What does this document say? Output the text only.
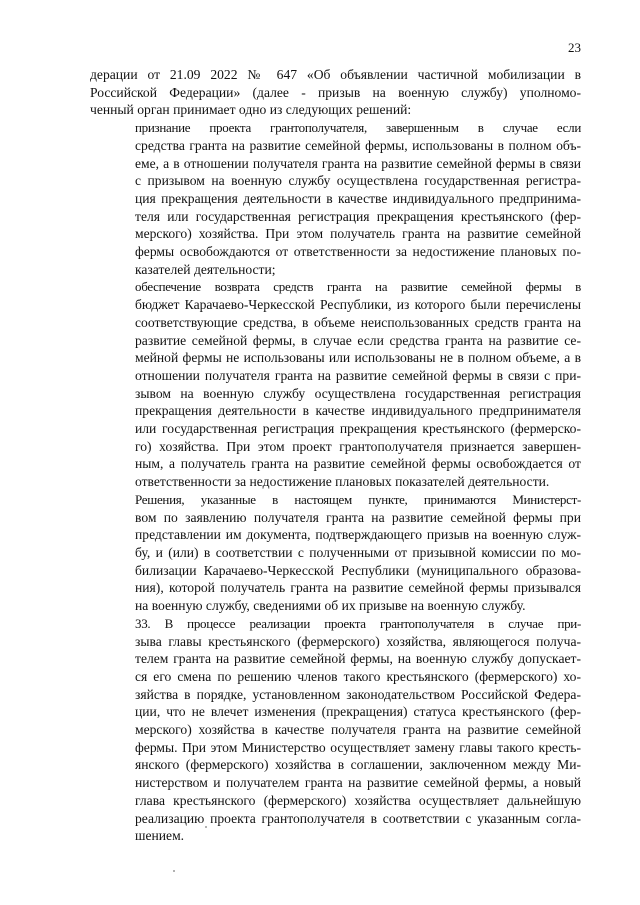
23

дерации от 21.09 2022 № 647 «Об объявлении частичной мобилизации в
Российской Федерации» (далее - призыв на военную службу) уполномо-
ченный орган принимает одно из следующих решений:

признание проекта грантополучателя, завершенным в случае если
средства гранта на развитие семейной фермы, использованы в полном объ-
еме, а в отношении получателя гранта на развитие семейной фермы в связи
с призывом на военную службу осуществлена государственная регистра-
ция прекращения деятельности в качестве индивидуального предпринима-
теля или государственная регистрация прекращения крестьянского (фер-
мерского) хозяйства. При этом получатель гранта на развитие семейной
фермы освобождаются от ответственности за недостижение плановых по-
казателей деятельности;

обеспечение возврата средств гранта на развитие семейной фермы в
бюджет Карачаево-Черкесской Республики, из которого были перечислены
соответствующие средства, в объеме неиспользованных средств гранта на
развитие семейной фермы, в случае если средства гранта на развитие се-
мейной фермы не использованы или использованы не в полном объеме, а в
отношении получателя гранта на развитие семейной фермы в связи с при-
зывом на военную службу осуществлена государственная регистрация
прекращения деятельности в качестве индивидуального предпринимателя
или государственная регистрация прекращения крестьянского (фермерско-
го) хозяйства. При этом проект грантополучателя признается завершен-
ным, а получатель гранта на развитие семейной фермы освобождается от
ответственности за недостижение плановых показателей деятельности.

Решения, указанные в настоящем пункте, принимаются Министерст-
вом по заявлению получателя гранта на развитие семейной фермы при
представлении им документа, подтверждающего призыв на военную служ-
бу, и (или) в соответствии с полученными от призывной комиссии по мо-
билизации Карачаево-Черкесской Республики (муниципального образова-
ния), которой получатель гранта на развитие семейной фермы призывался
на военную службу, сведениями об их призыве на военную службу.

33. В процессе реализации проекта грантополучателя в случае при-
зыва главы крестьянского (фермерского) хозяйства, являющегося получа-
телем гранта на развитие семейной фермы, на военную службу допускает-
ся его смена по решению членов такого крестьянского (фермерского) хо-
зяйства в порядке, установленном законодательством Российской Федера-
ции, что не влечет изменения (прекращения) статуса крестьянского (фер-
мерского) хозяйства в качестве получателя гранта на развитие семейной
фермы. При этом Министерство осуществляет замену главы такого кресть-
янского (фермерского) хозяйства в соглашении, заключенном между Ми-
нистерством и получателем гранта на развитие семейной фермы, а новый
глава крестьянского (фермерского) хозяйства осуществляет дальнейшую
реализацию проекта грантополучателя в соответствии с указанным согла-
шением.
